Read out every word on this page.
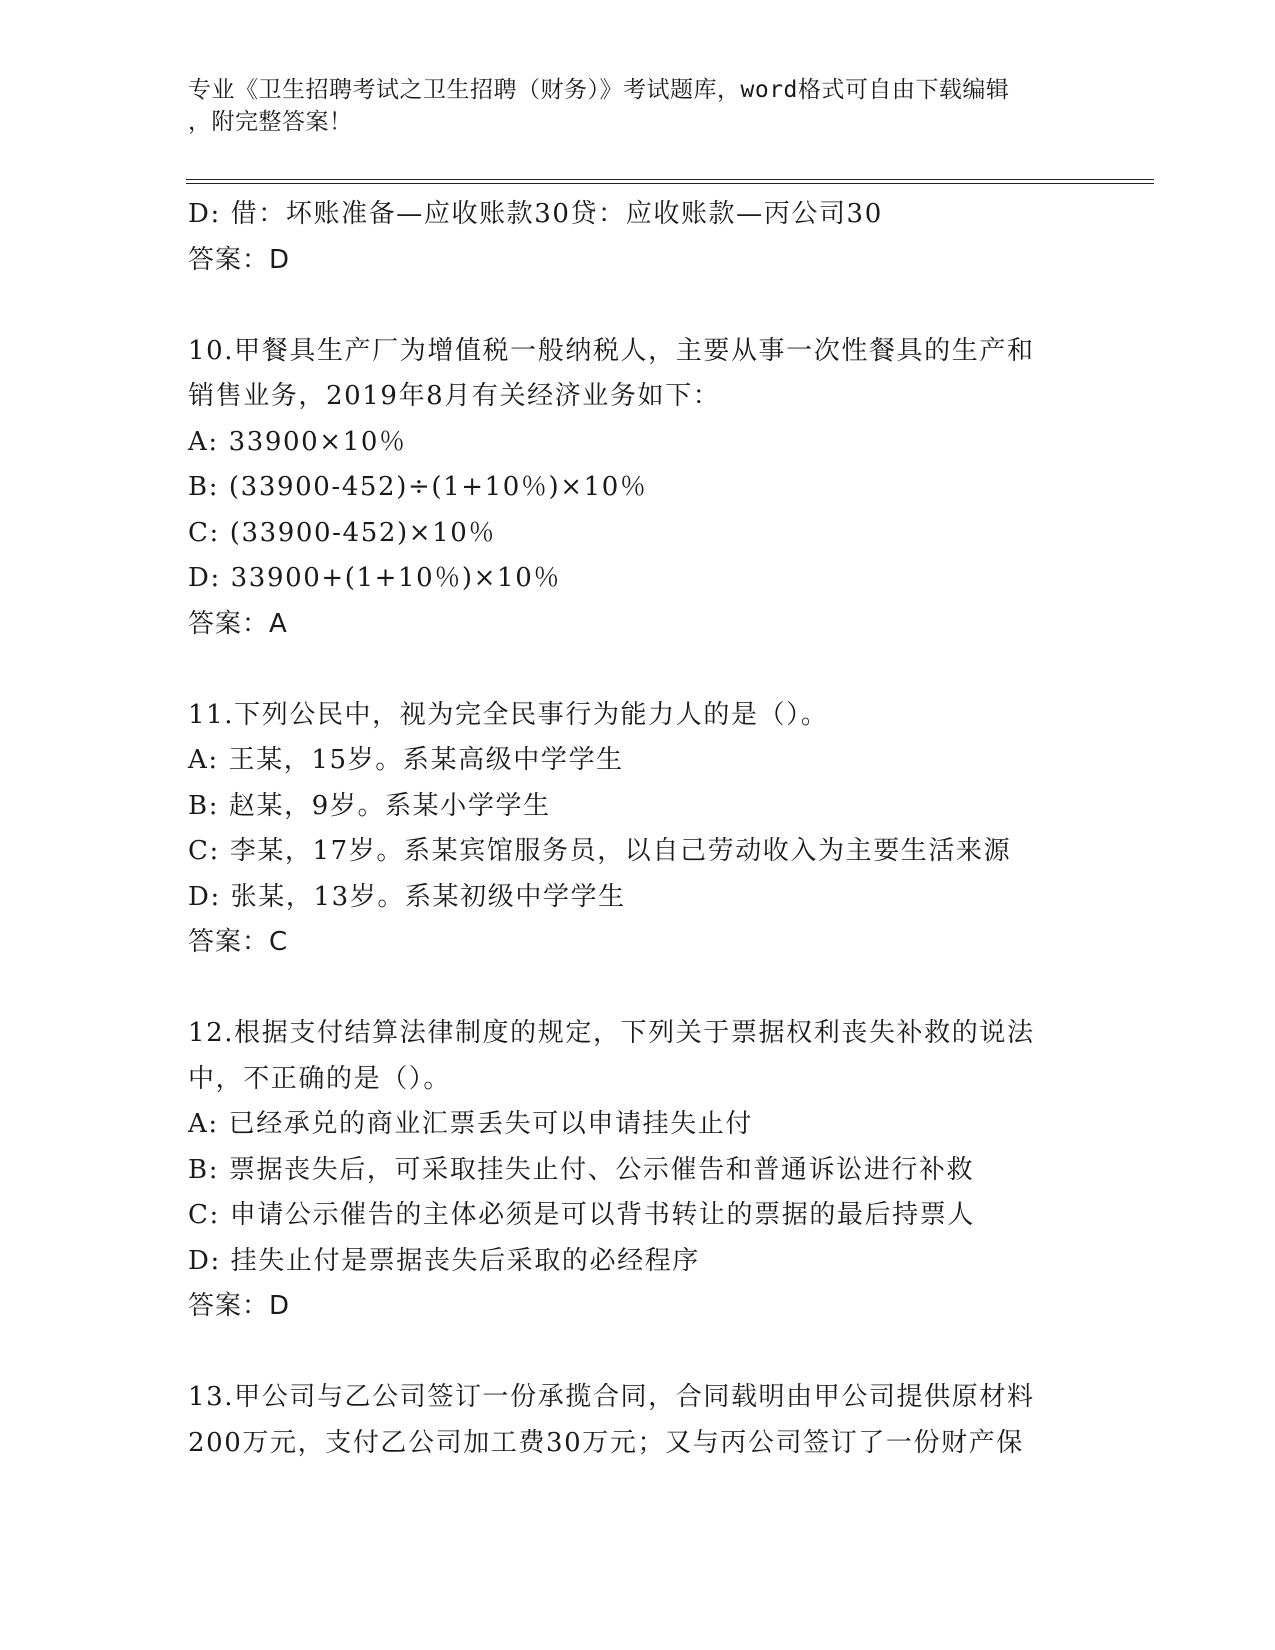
专业《卫生招聘考试之卫生招聘（财务）》考试题库，word格式可自由下载编辑
，附完整答案！
D: 借：坏账准备—应收账款30贷：应收账款—丙公司30
答案：D
10.甲餐具生产厂为增值税一般纳税人，主要从事一次性餐具的生产和
销售业务，2019年8月有关经济业务如下：
A: 33900×10％
B: (33900-452)÷(1+10％)×10％
C: (33900-452)×10％
D: 33900+(1+10％)×10％
答案：A
11.下列公民中，视为完全民事行为能力人的是（）。
A: 王某，15岁。系某高级中学学生
B: 赵某，9岁。系某小学学生
C: 李某，17岁。系某宾馆服务员，以自己劳动收入为主要生活来源
D: 张某，13岁。系某初级中学学生
答案：C
12.根据支付结算法律制度的规定，下列关于票据权利丧失补救的说法
中，不正确的是（）。
A: 已经承兑的商业汇票丢失可以申请挂失止付
B: 票据丧失后，可采取挂失止付、公示催告和普通诉讼进行补救
C: 申请公示催告的主体必须是可以背书转让的票据的最后持票人
D: 挂失止付是票据丧失后采取的必经程序
答案：D
13.甲公司与乙公司签订一份承揽合同，合同载明由甲公司提供原材料
200万元，支付乙公司加工费30万元；又与丙公司签订了一份财产保
